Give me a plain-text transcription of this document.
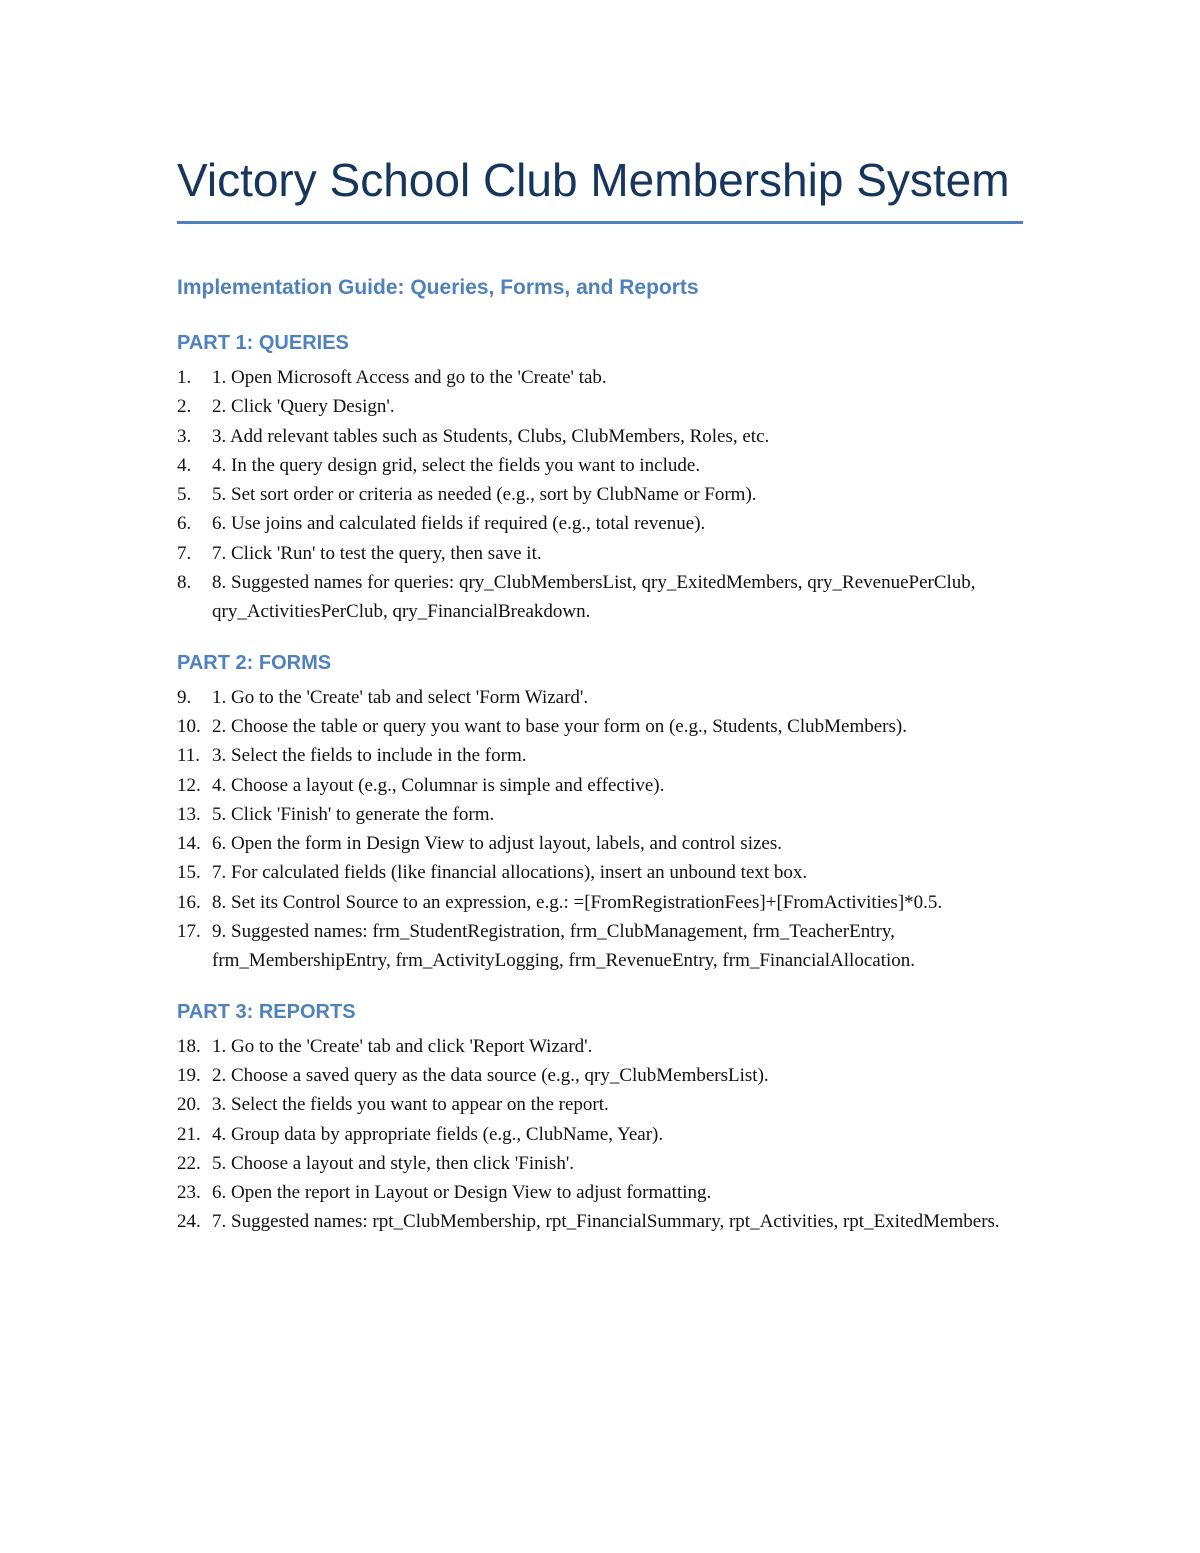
Victory School Club Membership System
Implementation Guide: Queries, Forms, and Reports
PART 1: QUERIES
1. 1. Open Microsoft Access and go to the 'Create' tab.
2. 2. Click 'Query Design'.
3. 3. Add relevant tables such as Students, Clubs, ClubMembers, Roles, etc.
4. 4. In the query design grid, select the fields you want to include.
5. 5. Set sort order or criteria as needed (e.g., sort by ClubName or Form).
6. 6. Use joins and calculated fields if required (e.g., total revenue).
7. 7. Click 'Run' to test the query, then save it.
8. 8. Suggested names for queries: qry_ClubMembersList, qry_ExitedMembers, qry_RevenuePerClub, qry_ActivitiesPerClub, qry_FinancialBreakdown.
PART 2: FORMS
9. 1. Go to the 'Create' tab and select 'Form Wizard'.
10. 2. Choose the table or query you want to base your form on (e.g., Students, ClubMembers).
11. 3. Select the fields to include in the form.
12. 4. Choose a layout (e.g., Columnar is simple and effective).
13. 5. Click 'Finish' to generate the form.
14. 6. Open the form in Design View to adjust layout, labels, and control sizes.
15. 7. For calculated fields (like financial allocations), insert an unbound text box.
16. 8. Set its Control Source to an expression, e.g.: =[FromRegistrationFees]+[FromActivities]*0.5.
17. 9. Suggested names: frm_StudentRegistration, frm_ClubManagement, frm_TeacherEntry, frm_MembershipEntry, frm_ActivityLogging, frm_RevenueEntry, frm_FinancialAllocation.
PART 3: REPORTS
18. 1. Go to the 'Create' tab and click 'Report Wizard'.
19. 2. Choose a saved query as the data source (e.g., qry_ClubMembersList).
20. 3. Select the fields you want to appear on the report.
21. 4. Group data by appropriate fields (e.g., ClubName, Year).
22. 5. Choose a layout and style, then click 'Finish'.
23. 6. Open the report in Layout or Design View to adjust formatting.
24. 7. Suggested names: rpt_ClubMembership, rpt_FinancialSummary, rpt_Activities, rpt_ExitedMembers.
